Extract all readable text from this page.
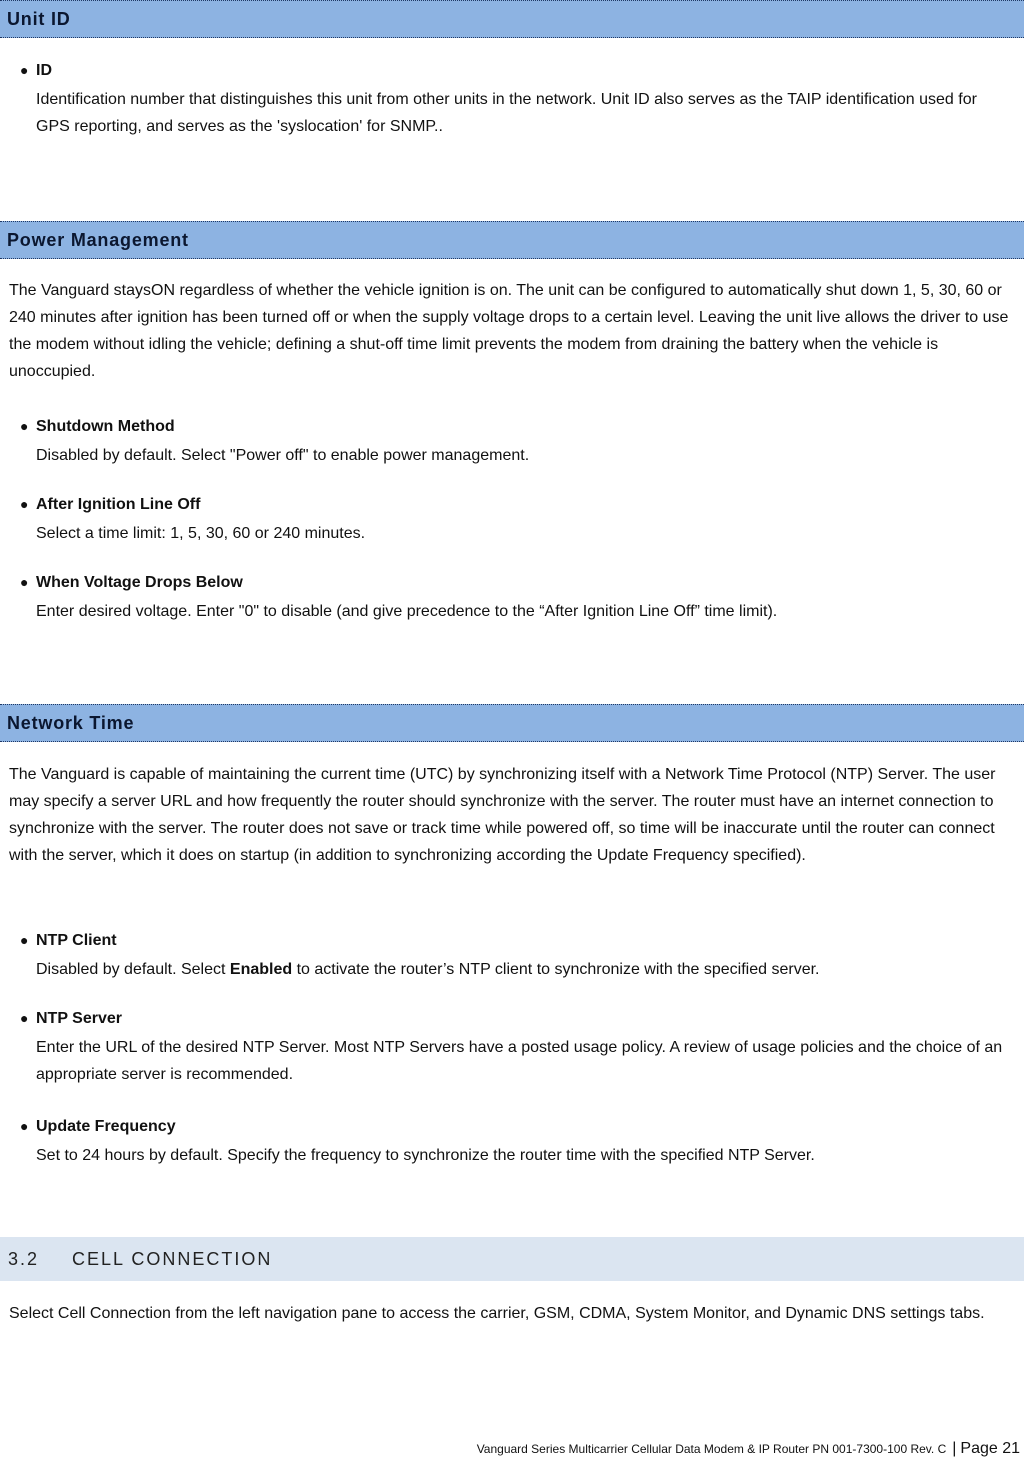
Unit ID
● ID

Identification number that distinguishes this unit from other units in the network. Unit ID also serves as the TAIP identification used for GPS reporting, and serves as the 'syslocation' for SNMP..

Power Management

The Vanguard staysON regardless of whether the vehicle ignition is on. The unit can be configured to automatically shut down 1, 5, 30, 60 or 240 minutes after ignition has been turned off or when the supply voltage drops to a certain level. Leaving the unit live allows the driver to use the modem without idling the vehicle; defining a shut-off time limit prevents the modem from draining the battery when the vehicle is unoccupied.

● Shutdown Method

Disabled by default. Select "Power off" to enable power management.

● After Ignition Line Off

Select a time limit: 1, 5, 30, 60 or 240 minutes.

● When Voltage Drops Below

Enter desired voltage. Enter "0" to disable (and give precedence to the “After Ignition Line Off” time limit).

Network Time

The Vanguard is capable of maintaining the current time (UTC) by synchronizing itself with a Network Time Protocol (NTP) Server. The user may specify a server URL and how frequently the router should synchronize with the server. The router must have an internet connection to synchronize with the server. The router does not save or track time while powered off, so time will be inaccurate until the router can connect with the server, which it does on startup (in addition to synchronizing according the Update Frequency specified).

● NTP Client

Disabled by default. Select Enabled to activate the router’s NTP client to synchronize with the specified server.

● NTP Server

Enter the URL of the desired NTP Server. Most NTP Servers have a posted usage policy. A review of usage policies and the choice of an appropriate server is recommended.

● Update Frequency

Set to 24 hours by default. Specify the frequency to synchronize the router time with the specified NTP Server.

3.2	CELL CONNECTION

Select Cell Connection from the left navigation pane to access the carrier, GSM, CDMA, System Monitor, and Dynamic DNS settings tabs.

Vanguard Series Multicarrier Cellular Data Modem & IP Router PN 001-7300-100 Rev. C | Page 21
